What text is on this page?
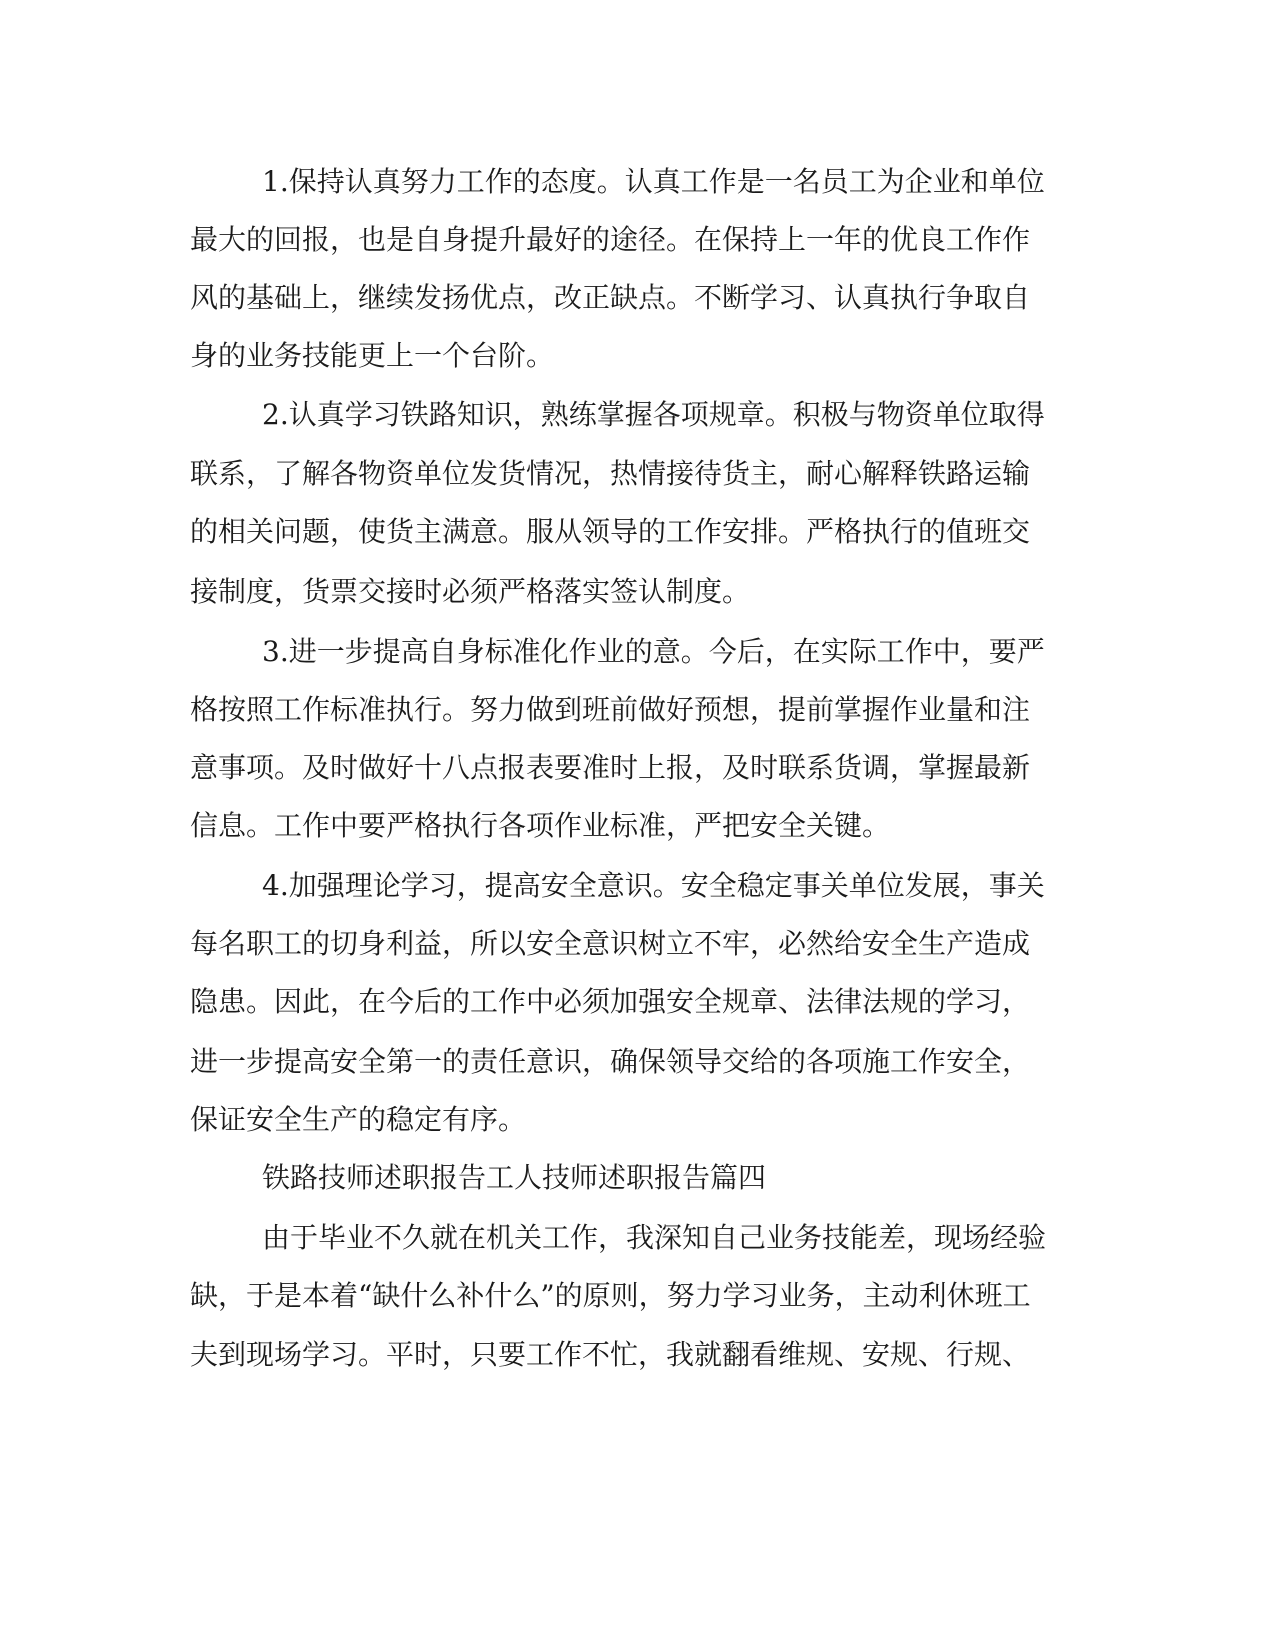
1.保持认真努力工作的态度。认真工作是一名员工为企业和单位

最大的回报，也是自身提升最好的途径。在保持上一年的优良工作作

风的基础上，继续发扬优点，改正缺点。不断学习、认真执行争取自

身的业务技能更上一个台阶。

2.认真学习铁路知识，熟练掌握各项规章。积极与物资单位取得

联系，了解各物资单位发货情况，热情接待货主，耐心解释铁路运输

的相关问题，使货主满意。服从领导的工作安排。严格执行的值班交

接制度，货票交接时必须严格落实签认制度。

3.进一步提高自身标准化作业的意。今后，在实际工作中，要严

格按照工作标准执行。努力做到班前做好预想，提前掌握作业量和注

意事项。及时做好十八点报表要准时上报，及时联系货调，掌握最新

信息。工作中要严格执行各项作业标准，严把安全关键。

4.加强理论学习，提高安全意识。安全稳定事关单位发展，事关

每名职工的切身利益，所以安全意识树立不牢，必然给安全生产造成

隐患。因此，在今后的工作中必须加强安全规章、法律法规的学习，

进一步提高安全第一的责任意识，确保领导交给的各项施工作安全，

保证安全生产的稳定有序。

铁路技师述职报告工人技师述职报告篇四

由于毕业不久就在机关工作，我深知自己业务技能差，现场经验

缺，于是本着“缺什么补什么”的原则，努力学习业务，主动利休班工

夫到现场学习。平时，只要工作不忙，我就翻看维规、安规、行规、
